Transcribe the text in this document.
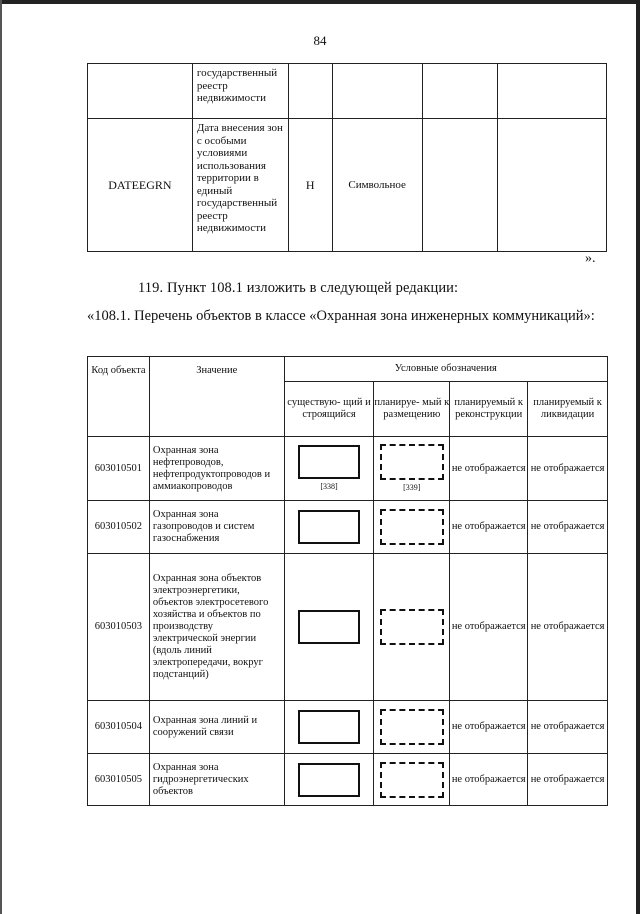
84
	государственный реестр недвижимости				
DATEEGRN	Дата внесения зон с особыми условиями использования территории в единый государственный реестр недвижимости	Н	Символьное		
».
119. Пункт 108.1 изложить в следующей редакции:
«108.1. Перечень объектов в классе «Охранная зона инженерных коммуникаций»:
Код объекта	Значение	Условные обозначения			
		существую- щий и строящийся	планируе- мый к размещению	планируемый к реконструкции	планируемый к ликвидации
603010501	Охранная зона нефтепроводов, нефтепродуктопроводов и аммиакопроводов	[338]	[339]	не отображается	не отображается
603010502	Охранная зона газопроводов и систем газоснабжения			не отображается	не отображается
603010503	Охранная зона объектов электроэнергетики, объектов электросетевого хозяйства и объектов по производству электрической энергии (вдоль линий электропередачи, вокруг подстанций)			не отображается	не отображается
603010504	Охранная зона линий и сооружений связи			не отображается	не отображается
603010505	Охранная зона гидроэнергетических объектов			не отображается	не отображается
